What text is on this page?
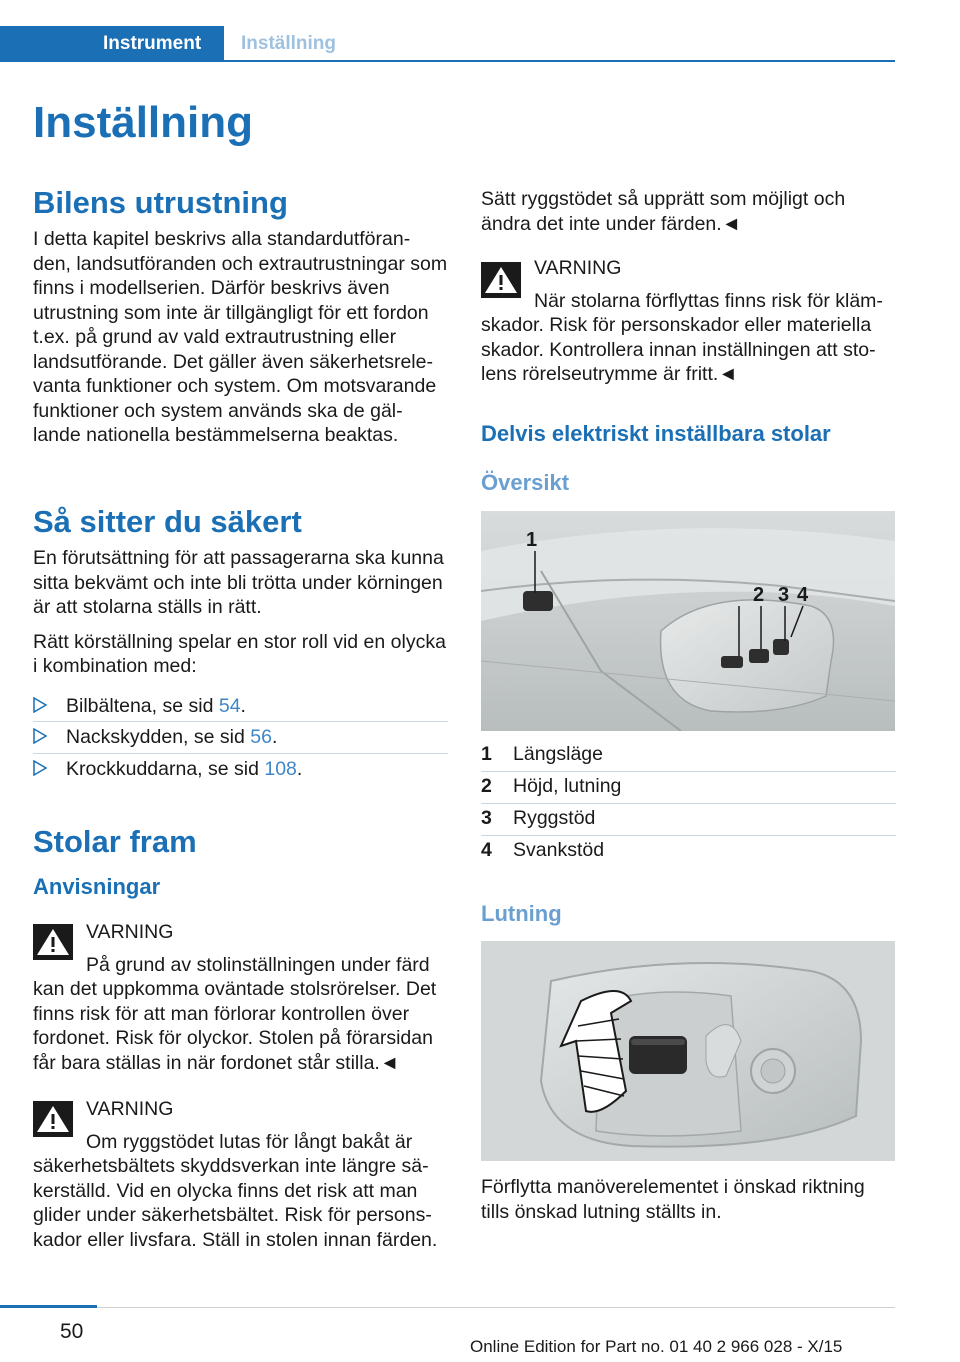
Instrument	Inställning
Inställning
Bilens utrustning

I detta kapitel beskrivs alla standardutföran-den, landsutföranden och extrautrustningar som finns i modellserien. Därför beskrivs även utrustning som inte är tillgängligt för ett fordon t.ex. på grund av vald extrautrustning eller landsutförande. Det gäller även säkerhetsrele-vanta funktioner och system. Om motsvarande funktioner och system används ska de gäl-lande nationella bestämmelserna beaktas.

Så sitter du säkert

En förutsättning för att passagerarna ska kunna sitta bekvämt och inte bli trötta under körningen är att stolarna ställs in rätt.

Rätt körställning spelar en stor roll vid en olycka i kombination med:

Bilbältena, se sid 54.
Nackskydden, se sid 56.
Krockkuddarna, se sid 108.
Stolar fram
Anvisningar
VARNING
På grund av stolinställningen under färd
kan det uppkomma oväntade stolsrörelser. Det finns risk för att man förlorar kontrollen över fordonet. Risk för olyckor. Stolen på förarsidan får bara ställas in när fordonet står stilla.◄
VARNING
Om ryggstödet lutas för långt bakåt är
säkerhetsbältets skyddsverkan inte längre sä-kerställd. Vid en olycka finns det risk att man glider under säkerhetsbältet. Risk för persons-kador eller livsfara. Ställ in stolen innan färden.

Sätt ryggstödet så upprätt som möjligt och ändra det inte under färden.◄

VARNING
När stolarna förflyttas finns risk för kläm-
skador. Risk för personskador eller materiella skador. Kontrollera innan inställningen att sto-lens rörelseutrymme är fritt.◄
Delvis elektriskt inställbara stolar
Översikt
1
2 3 4
1 Längsläge
2 Höjd, lutning
3 Ryggstöd
4 Svankstöd
Lutning

Förflytta manöverelementet i önskad riktning tills önskad lutning ställts in.

50
Online Edition for Part no. 01 40 2 966 028 - X/15
